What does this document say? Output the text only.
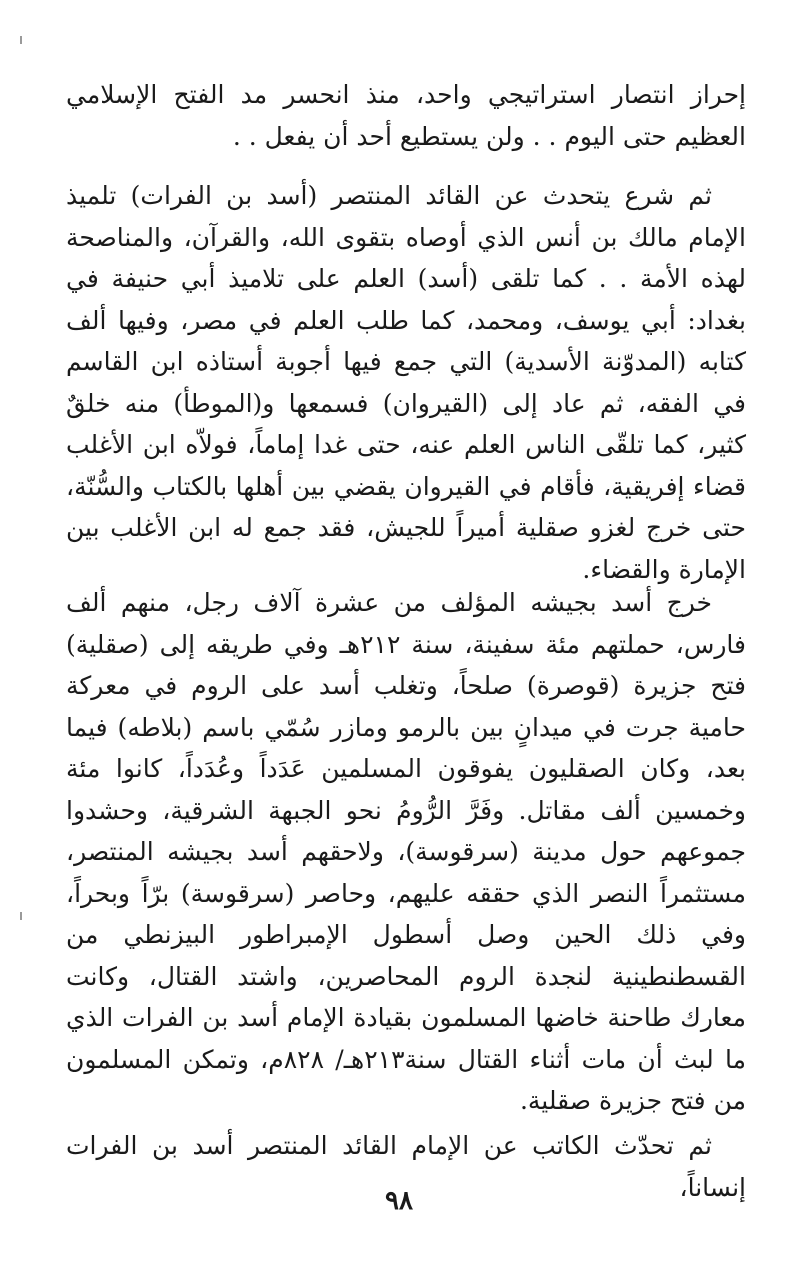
إحراز انتصار استراتيجي واحد، منذ انحسر مد الفتح الإسلامي العظيم حتى اليوم . . ولن يستطيع أحد أن يفعل . .

ثم شرع يتحدث عن القائد المنتصر (أسد بن الفرات) تلميذ الإمام مالك بن أنس الذي أوصاه بتقوى الله، والقرآن، والمناصحة لهذه الأمة . . كما تلقى (أسد) العلم على تلاميذ أبي حنيفة في بغداد: أبي يوسف، ومحمد، كما طلب العلم في مصر، وفيها ألف كتابه (المدوّنة الأسدية) التي جمع فيها أجوبة أستاذه ابن القاسم في الفقه، ثم عاد إلى (القيروان) فسمعها و(الموطأ) منه خلقٌ كثير، كما تلقّى الناس العلم عنه، حتى غدا إماماً، فولاّه ابن الأغلب قضاء إفريقية، فأقام في القيروان يقضي بين أهلها بالكتاب والسُّنّة، حتى خرج لغزو صقلية أميراً للجيش، فقد جمع له ابن الأغلب بين الإمارة والقضاء.

خرج أسد بجيشه المؤلف من عشرة آلاف رجل، منهم ألف فارس، حملتهم مئة سفينة، سنة ٢١٢هـ وفي طريقه إلى (صقلية) فتح جزيرة (قوصرة) صلحاً، وتغلب أسد على الروم في معركة حامية جرت في ميدانٍ بين بالرمو ومازر سُمّي باسم (بلاطه) فيما بعد، وكان الصقليون يفوقون المسلمين عَدَداً وعُدَداً، كانوا مئة وخمسين ألف مقاتل. وفَرَّ الرُّومُ نحو الجبهة الشرقية، وحشدوا جموعهم حول مدينة (سرقوسة)، ولاحقهم أسد بجيشه المنتصر، مستثمراً النصر الذي حققه عليهم، وحاصر (سرقوسة) برّاً وبحراً، وفي ذلك الحين وصل أسطول الإمبراطور البيزنطي من القسطنطينية لنجدة الروم المحاصرين، واشتد القتال، وكانت معارك طاحنة خاضها المسلمون بقيادة الإمام أسد بن الفرات الذي ما لبث أن مات أثناء القتال سنة٢١٣هـ/ ٨٢٨م، وتمكن المسلمون من فتح جزيرة صقلية.

ثم تحدّث الكاتب عن الإمام القائد المنتصر أسد بن الفرات إنساناً،

٩٨
